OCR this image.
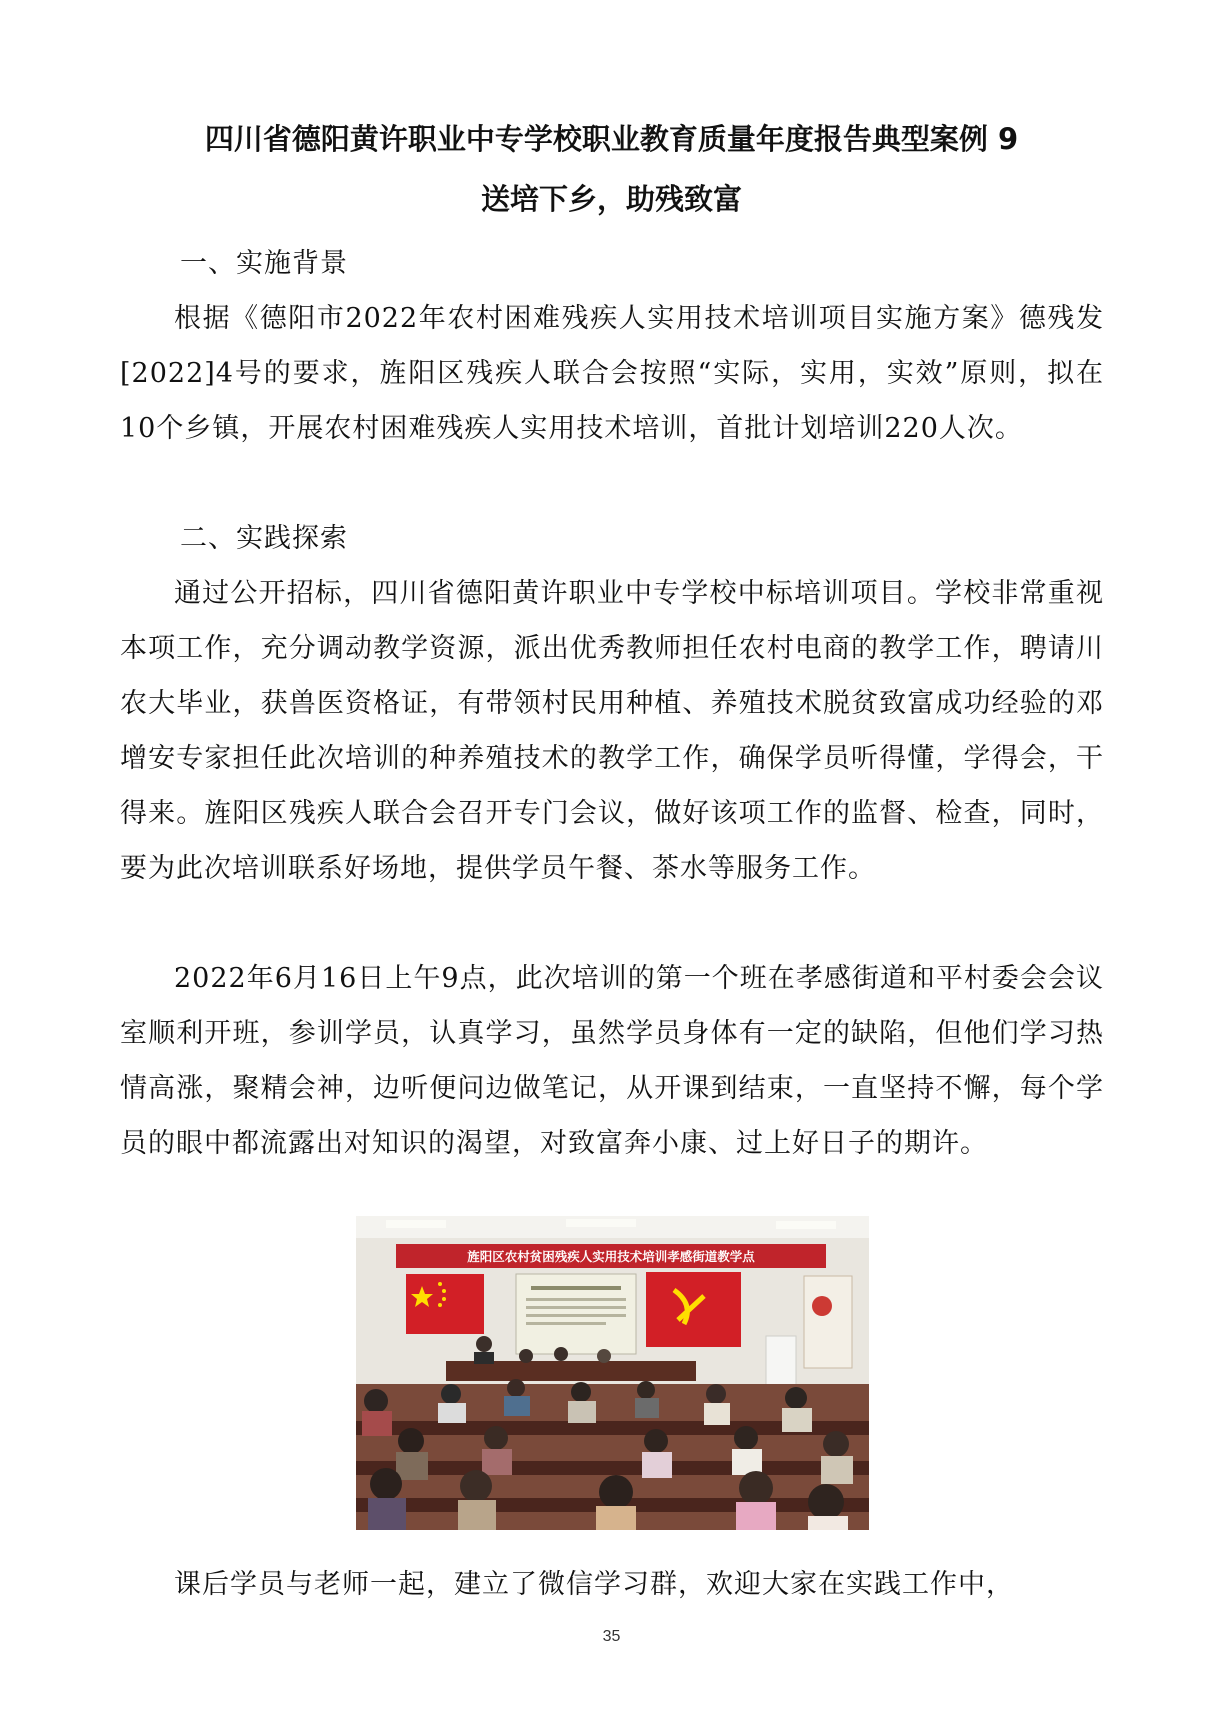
四川省德阳黄许职业中专学校职业教育质量年度报告典型案例 9
送培下乡，助残致富

一、实施背景

根据《德阳市2022年农村困难残疾人实用技术培训项目实施方案》德残发[2022]4号的要求，旌阳区残疾人联合会按照“实际，实用，实效”原则，拟在10个乡镇，开展农村困难残疾人实用技术培训，首批计划培训220人次。

二、实践探索

通过公开招标，四川省德阳黄许职业中专学校中标培训项目。学校非常重视本项工作，充分调动教学资源，派出优秀教师担任农村电商的教学工作，聘请川农大毕业，获兽医资格证，有带领村民用种植、养殖技术脱贫致富成功经验的邓增安专家担任此次培训的种养殖技术的教学工作，确保学员听得懂，学得会，干得来。旌阳区残疾人联合会召开专门会议，做好该项工作的监督、检查，同时，要为此次培训联系好场地，提供学员午餐、茶水等服务工作。

2022年6月16日上午9点，此次培训的第一个班在孝感街道和平村委会会议室顺利开班，参训学员，认真学习，虽然学员身体有一定的缺陷，但他们学习热情高涨，聚精会神，边听便问边做笔记，从开课到结束，一直坚持不懈，每个学员的眼中都流露出对知识的渴望，对致富奔小康、过上好日子的期许。

旌阳区农村贫困残疾人实用技术培训孝感街道教学点

课后学员与老师一起，建立了微信学习群，欢迎大家在实践工作中，

35
